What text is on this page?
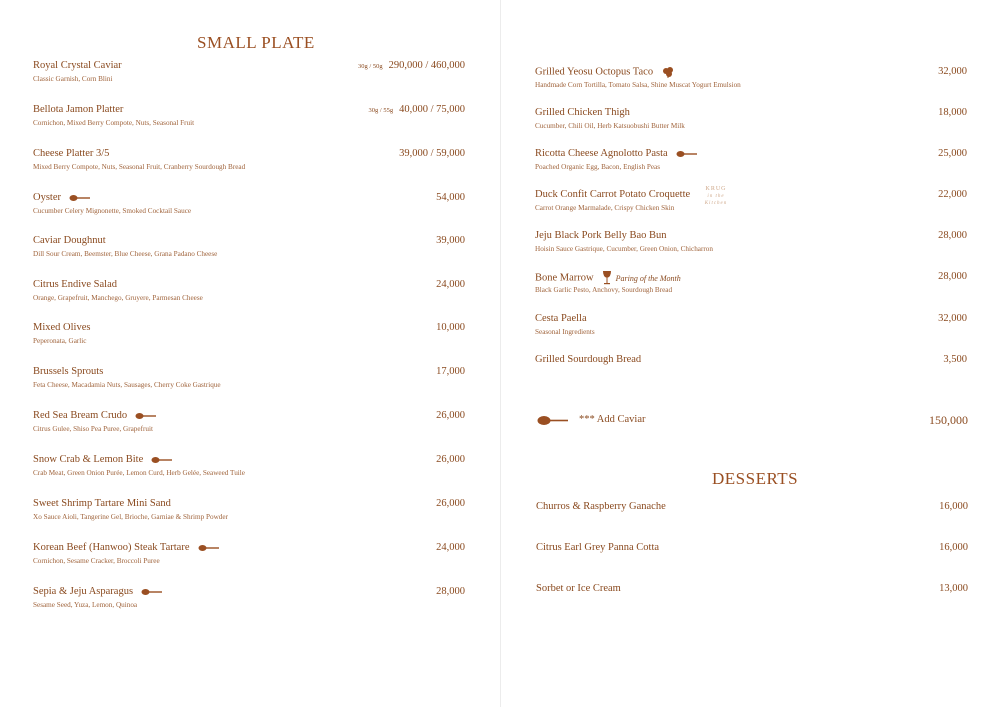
SMALL PLATE
Royal Crystal Caviar	30g / 50g 290,000 / 460,000
Classic Garnish, Corn Blini
Bellota Jamon Platter	30g / 55g 40,000 / 75,000
Cornichon, Mixed Berry Compote, Nuts, Seasonal Fruit
Cheese Platter 3/5	39,000 / 59,000
Mixed Berry Compote, Nuts, Seasonal Fruit, Cranberry Sourdough Bread
Oyster	54,000
Cucumber Celery Mignonette, Smoked Cocktail Sauce
Caviar Doughnut	39,000
Dill Sour Cream, Beemster, Blue Cheese, Grana Padano Cheese
Citrus Endive Salad	24,000
Orange, Grapefruit, Manchego, Gruyere, Parmesan Cheese
Mixed Olives	10,000
Peperonata, Garlic
Brussels Sprouts	17,000
Feta Cheese, Macadamia Nuts, Sausages, Cherry Coke Gastrique
Red Sea Bream Crudo	26,000
Citrus Gulee, Shiso Pea Puree, Grapefruit
Snow Crab & Lemon Bite	26,000
Crab Meat, Green Onion Purée, Lemon Curd, Herb Gelée, Seaweed Tuile
Sweet Shrimp Tartare Mini Sand	26,000
Xo Sauce Aioli, Tangerine Gel, Brioche, Garniae & Shrimp Powder
Korean Beef (Hanwoo) Steak Tartare	24,000
Cornichon, Sesame Cracker, Broccoli Puree
Sepia & Jeju Asparagus	28,000
Sesame Seed, Yuza, Lemon, Quinoa
Grilled Yeosu Octopus Taco	32,000
Handmade Corn Tortilla, Tomato Salsa, Shine Muscat Yogurt Emulsion
Grilled Chicken Thigh	18,000
Cucumber, Chili Oil, Herb Katsuobushi Butter Milk
Ricotta Cheese Agnolotto Pasta	25,000
Poached Organic Egg, Bacon, English Peas
Duck Confit Carrot Potato Croquette	22,000
Carrot Orange Marmalade, Crispy Chicken Skin
KRUG
in the Kitchen
Jeju Black Pork Belly Bao Bun	28,000
Hoisin Sauce Gastrique, Cucumber, Green Onion, Chicharron
Bone Marrow	Paring of the Month	28,000
Black Garlic Pesto, Anchovy, Sourdough Bread
Cesta Paella	32,000
Seasonal Ingredients
Grilled Sourdough Bread	3,500
*** Add Caviar	150,000
DESSERTS
Churros & Raspberry Ganache	16,000
Citrus Earl Grey Panna Cotta	16,000
Sorbet or Ice Cream	13,000
